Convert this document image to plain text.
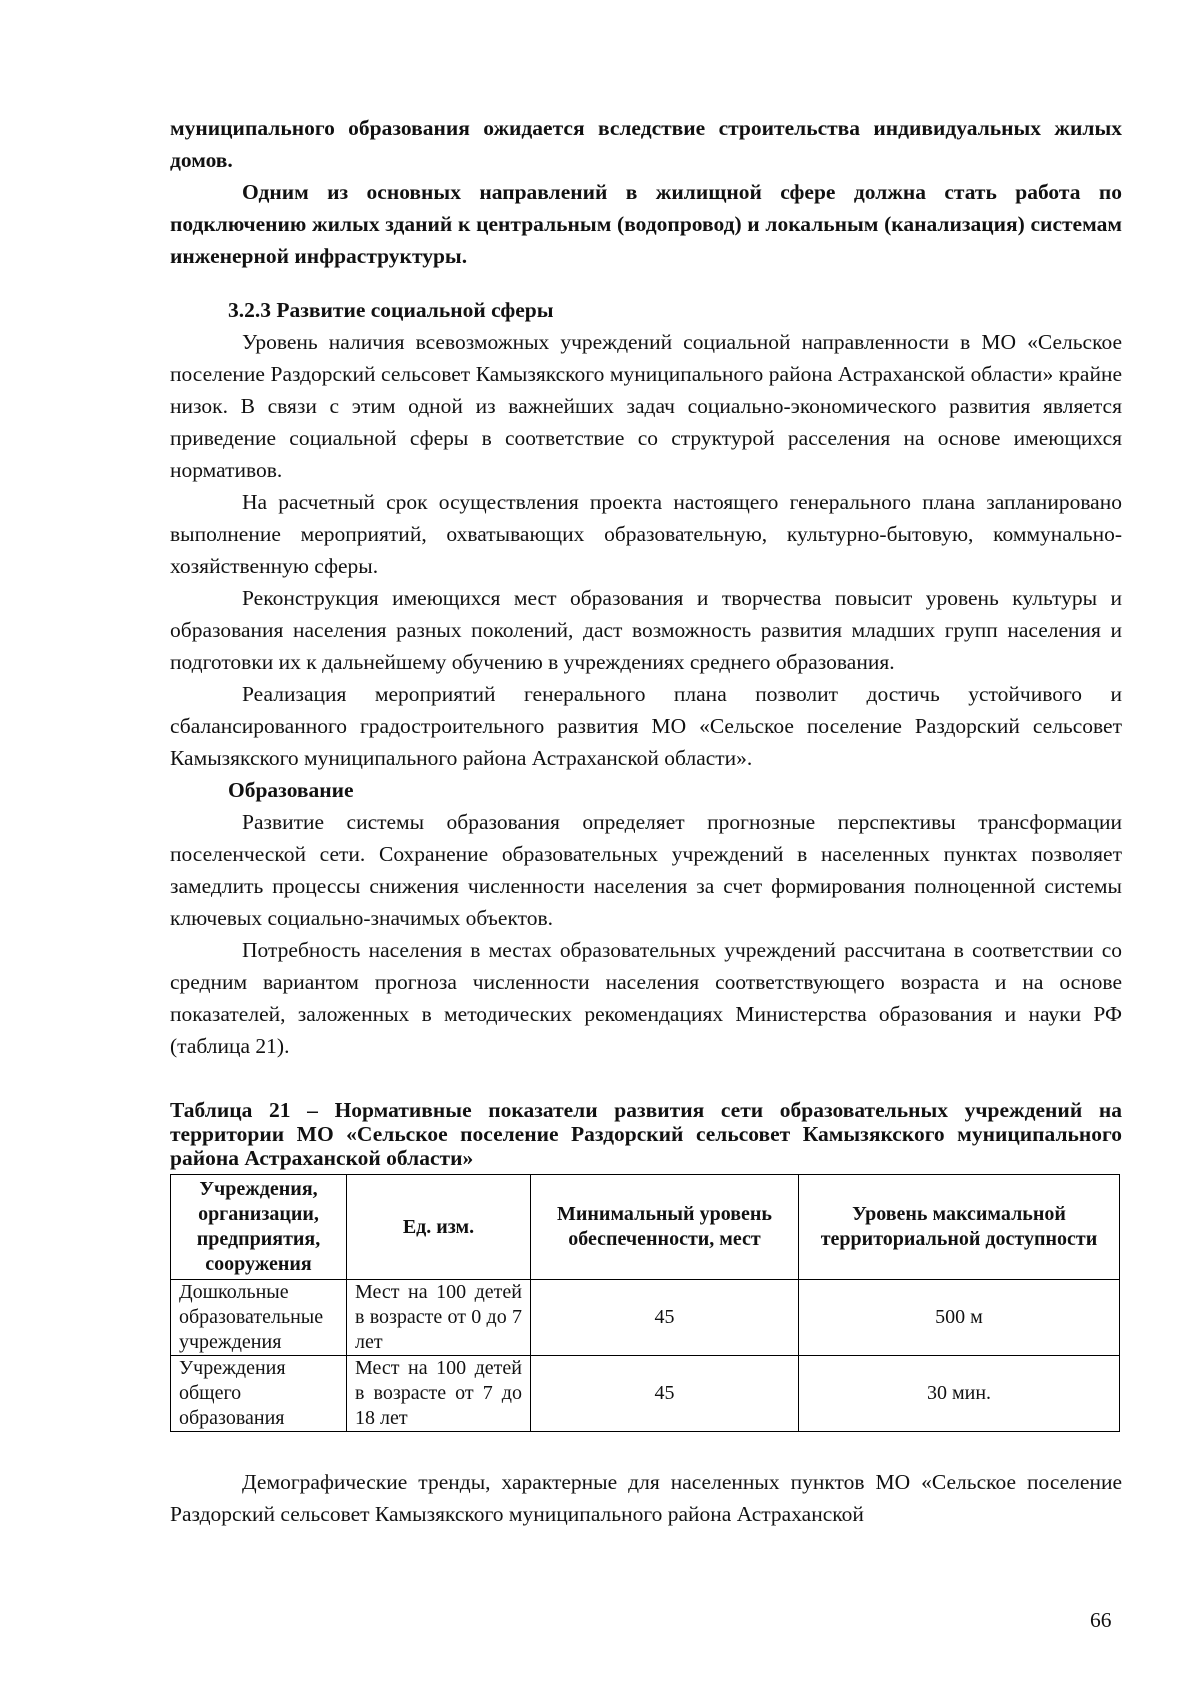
муниципального образования ожидается вследствие строительства индивидуальных жилых домов.

Одним из основных направлений в жилищной сфере должна стать работа по подключению жилых зданий к центральным (водопровод) и локальным (канализация) системам инженерной инфраструктуры.

3.2.3 Развитие социальной сферы

Уровень наличия всевозможных учреждений социальной направленности в МО «Сельское поселение Раздорский сельсовет Камызякского муниципального района Астраханской области» крайне низок. В связи с этим одной из важнейших задач социально-экономического развития является приведение социальной сферы в соответствие со структурой расселения на основе имеющихся нормативов.

На расчетный срок осуществления проекта настоящего генерального плана запланировано выполнение мероприятий, охватывающих образовательную, культурно-бытовую, коммунально-хозяйственную сферы.

Реконструкция имеющихся мест образования и творчества повысит уровень культуры и образования населения разных поколений, даст возможность развития младших групп населения и подготовки их к дальнейшему обучению в учреждениях среднего образования.

Реализация мероприятий генерального плана позволит достичь устойчивого и сбалансированного градостроительного развития МО «Сельское поселение Раздорский сельсовет Камызякского муниципального района Астраханской области».

Образование

Развитие системы образования определяет прогнозные перспективы трансформации поселенческой сети. Сохранение образовательных учреждений в населенных пунктах позволяет замедлить процессы снижения численности населения за счет формирования полноценной системы ключевых социально-значимых объектов.

Потребность населения в местах образовательных учреждений рассчитана в соответствии со средним вариантом прогноза численности населения соответствующего возраста и на основе показателей, заложенных в методических рекомендациях Министерства образования и науки РФ (таблица 21).

Таблица 21 – Нормативные показатели развития сети образовательных учреждений на территории МО «Сельское поселение Раздорский сельсовет Камызякского муниципального района Астраханской области»

Учреждения, организации, предприятия, сооружения	Ед. изм.	Минимальный уровень обеспеченности, мест	Уровень максимальной территориальной доступности
Дошкольные образовательные учреждения	Мест на 100 детей в возрасте от 0 до 7 лет	45	500 м
Учреждения общего образования	Мест на 100 детей в возрасте от 7 до 18 лет	45	30 мин.

Демографические тренды, характерные для населенных пунктов МО «Сельское поселение Раздорский сельсовет Камызякского муниципального района Астраханской

66
